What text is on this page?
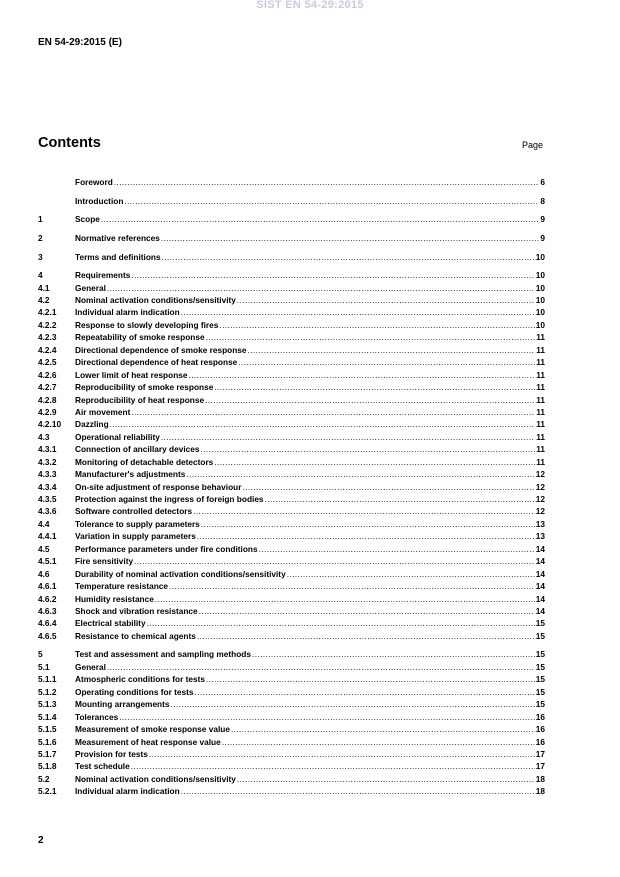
SIST EN 54-29:2015
EN 54-29:2015 (E)
Contents	Page
Foreword .....	6
Introduction .....	8
1	Scope .....	9
2	Normative references .....	9
3	Terms and definitions .....	10
4	Requirements .....	10
4.1	General .....	10
4.2	Nominal activation conditions/sensitivity .....	10
4.2.1	Individual alarm indication .....	10
4.2.2	Response to slowly developing fires .....	10
4.2.3	Repeatability of smoke response .....	11
4.2.4	Directional dependence of smoke response .....	11
4.2.5	Directional dependence of heat response .....	11
4.2.6	Lower limit of heat response .....	11
4.2.7	Reproducibility of smoke response .....	11
4.2.8	Reproducibility of heat response .....	11
4.2.9	Air movement .....	11
4.2.10	Dazzling .....	11
4.3	Operational reliability .....	11
4.3.1	Connection of ancillary devices .....	11
4.3.2	Monitoring of detachable detectors .....	11
4.3.3	Manufacturer's adjustments .....	12
4.3.4	On-site adjustment of response behaviour .....	12
4.3.5	Protection against the ingress of foreign bodies .....	12
4.3.6	Software controlled detectors .....	12
4.4	Tolerance to supply parameters .....	13
4.4.1	Variation in supply parameters .....	13
4.5	Performance parameters under fire conditions .....	14
4.5.1	Fire sensitivity .....	14
4.6	Durability of nominal activation conditions/sensitivity .....	14
4.6.1	Temperature resistance .....	14
4.6.2	Humidity resistance .....	14
4.6.3	Shock and vibration resistance .....	14
4.6.4	Electrical stability .....	15
4.6.5	Resistance to chemical agents .....	15
5	Test and assessment and sampling methods .....	15
5.1	General .....	15
5.1.1	Atmospheric conditions for tests .....	15
5.1.2	Operating conditions for tests .....	15
5.1.3	Mounting arrangements .....	15
5.1.4	Tolerances .....	16
5.1.5	Measurement of smoke response value .....	16
5.1.6	Measurement of heat response value .....	16
5.1.7	Provision for tests .....	17
5.1.8	Test schedule .....	17
5.2	Nominal activation conditions/sensitivity .....	18
5.2.1	Individual alarm indication .....	18
2
